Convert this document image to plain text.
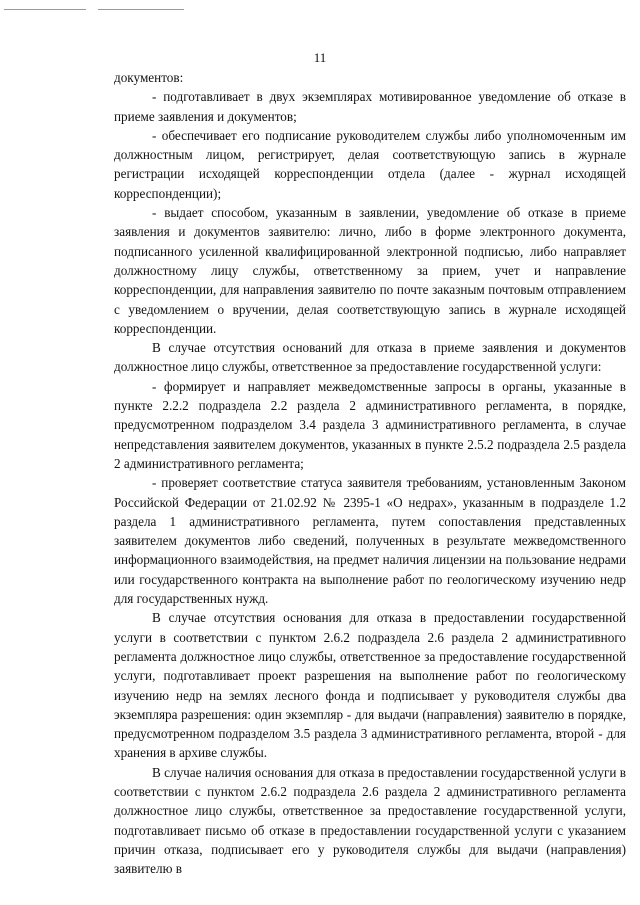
11

документов:

- подготавливает в двух экземплярах мотивированное уведомление об отказе в приеме заявления и документов;

- обеспечивает его подписание руководителем службы либо уполномоченным им должностным лицом, регистрирует, делая соответствующую запись в журнале регистрации исходящей корреспонденции отдела (далее - журнал исходящей корреспонденции);

- выдает способом, указанным в заявлении, уведомление об отказе в приеме заявления и документов заявителю: лично, либо в форме электронного документа, подписанного усиленной квалифицированной электронной подписью, либо направляет должностному лицу службы, ответственному за прием, учет и направление корреспонденции, для направления заявителю по почте заказным почтовым отправлением с уведомлением о вручении, делая соответствующую запись в журнале исходящей корреспонденции.

В случае отсутствия оснований для отказа в приеме заявления и документов должностное лицо службы, ответственное за предоставление государственной услуги:

- формирует и направляет межведомственные запросы в органы, указанные в пункте 2.2.2 подраздела 2.2 раздела 2 административного регламента, в порядке, предусмотренном подразделом 3.4 раздела 3 административного регламента, в случае непредставления заявителем документов, указанных в пункте 2.5.2 подраздела 2.5 раздела 2 административного регламента;

- проверяет соответствие статуса заявителя требованиям, установленным Законом Российской Федерации от 21.02.92 № 2395-1 «О недрах», указанным в подразделе 1.2 раздела 1 административного регламента, путем сопоставления представленных заявителем документов либо сведений, полученных в результате межведомственного информационного взаимодействия, на предмет наличия лицензии на пользование недрами или государственного контракта на выполнение работ по геологическому изучению недр для государственных нужд.

В случае отсутствия основания для отказа в предоставлении государственной услуги в соответствии с пунктом 2.6.2 подраздела 2.6 раздела 2 административного регламента должностное лицо службы, ответственное за предоставление государственной услуги, подготавливает проект разрешения на выполнение работ по геологическому изучению недр на землях лесного фонда и подписывает у руководителя службы два экземпляра разрешения: один экземпляр - для выдачи (направления) заявителю в порядке, предусмотренном подразделом 3.5 раздела 3 административного регламента, второй - для хранения в архиве службы.

В случае наличия основания для отказа в предоставлении государственной услуги в соответствии с пунктом 2.6.2 подраздела 2.6 раздела 2 административного регламента должностное лицо службы, ответственное за предоставление государственной услуги, подготавливает письмо об отказе в предоставлении государственной услуги с указанием причин отказа, подписывает его у руководителя службы для выдачи (направления) заявителю в
